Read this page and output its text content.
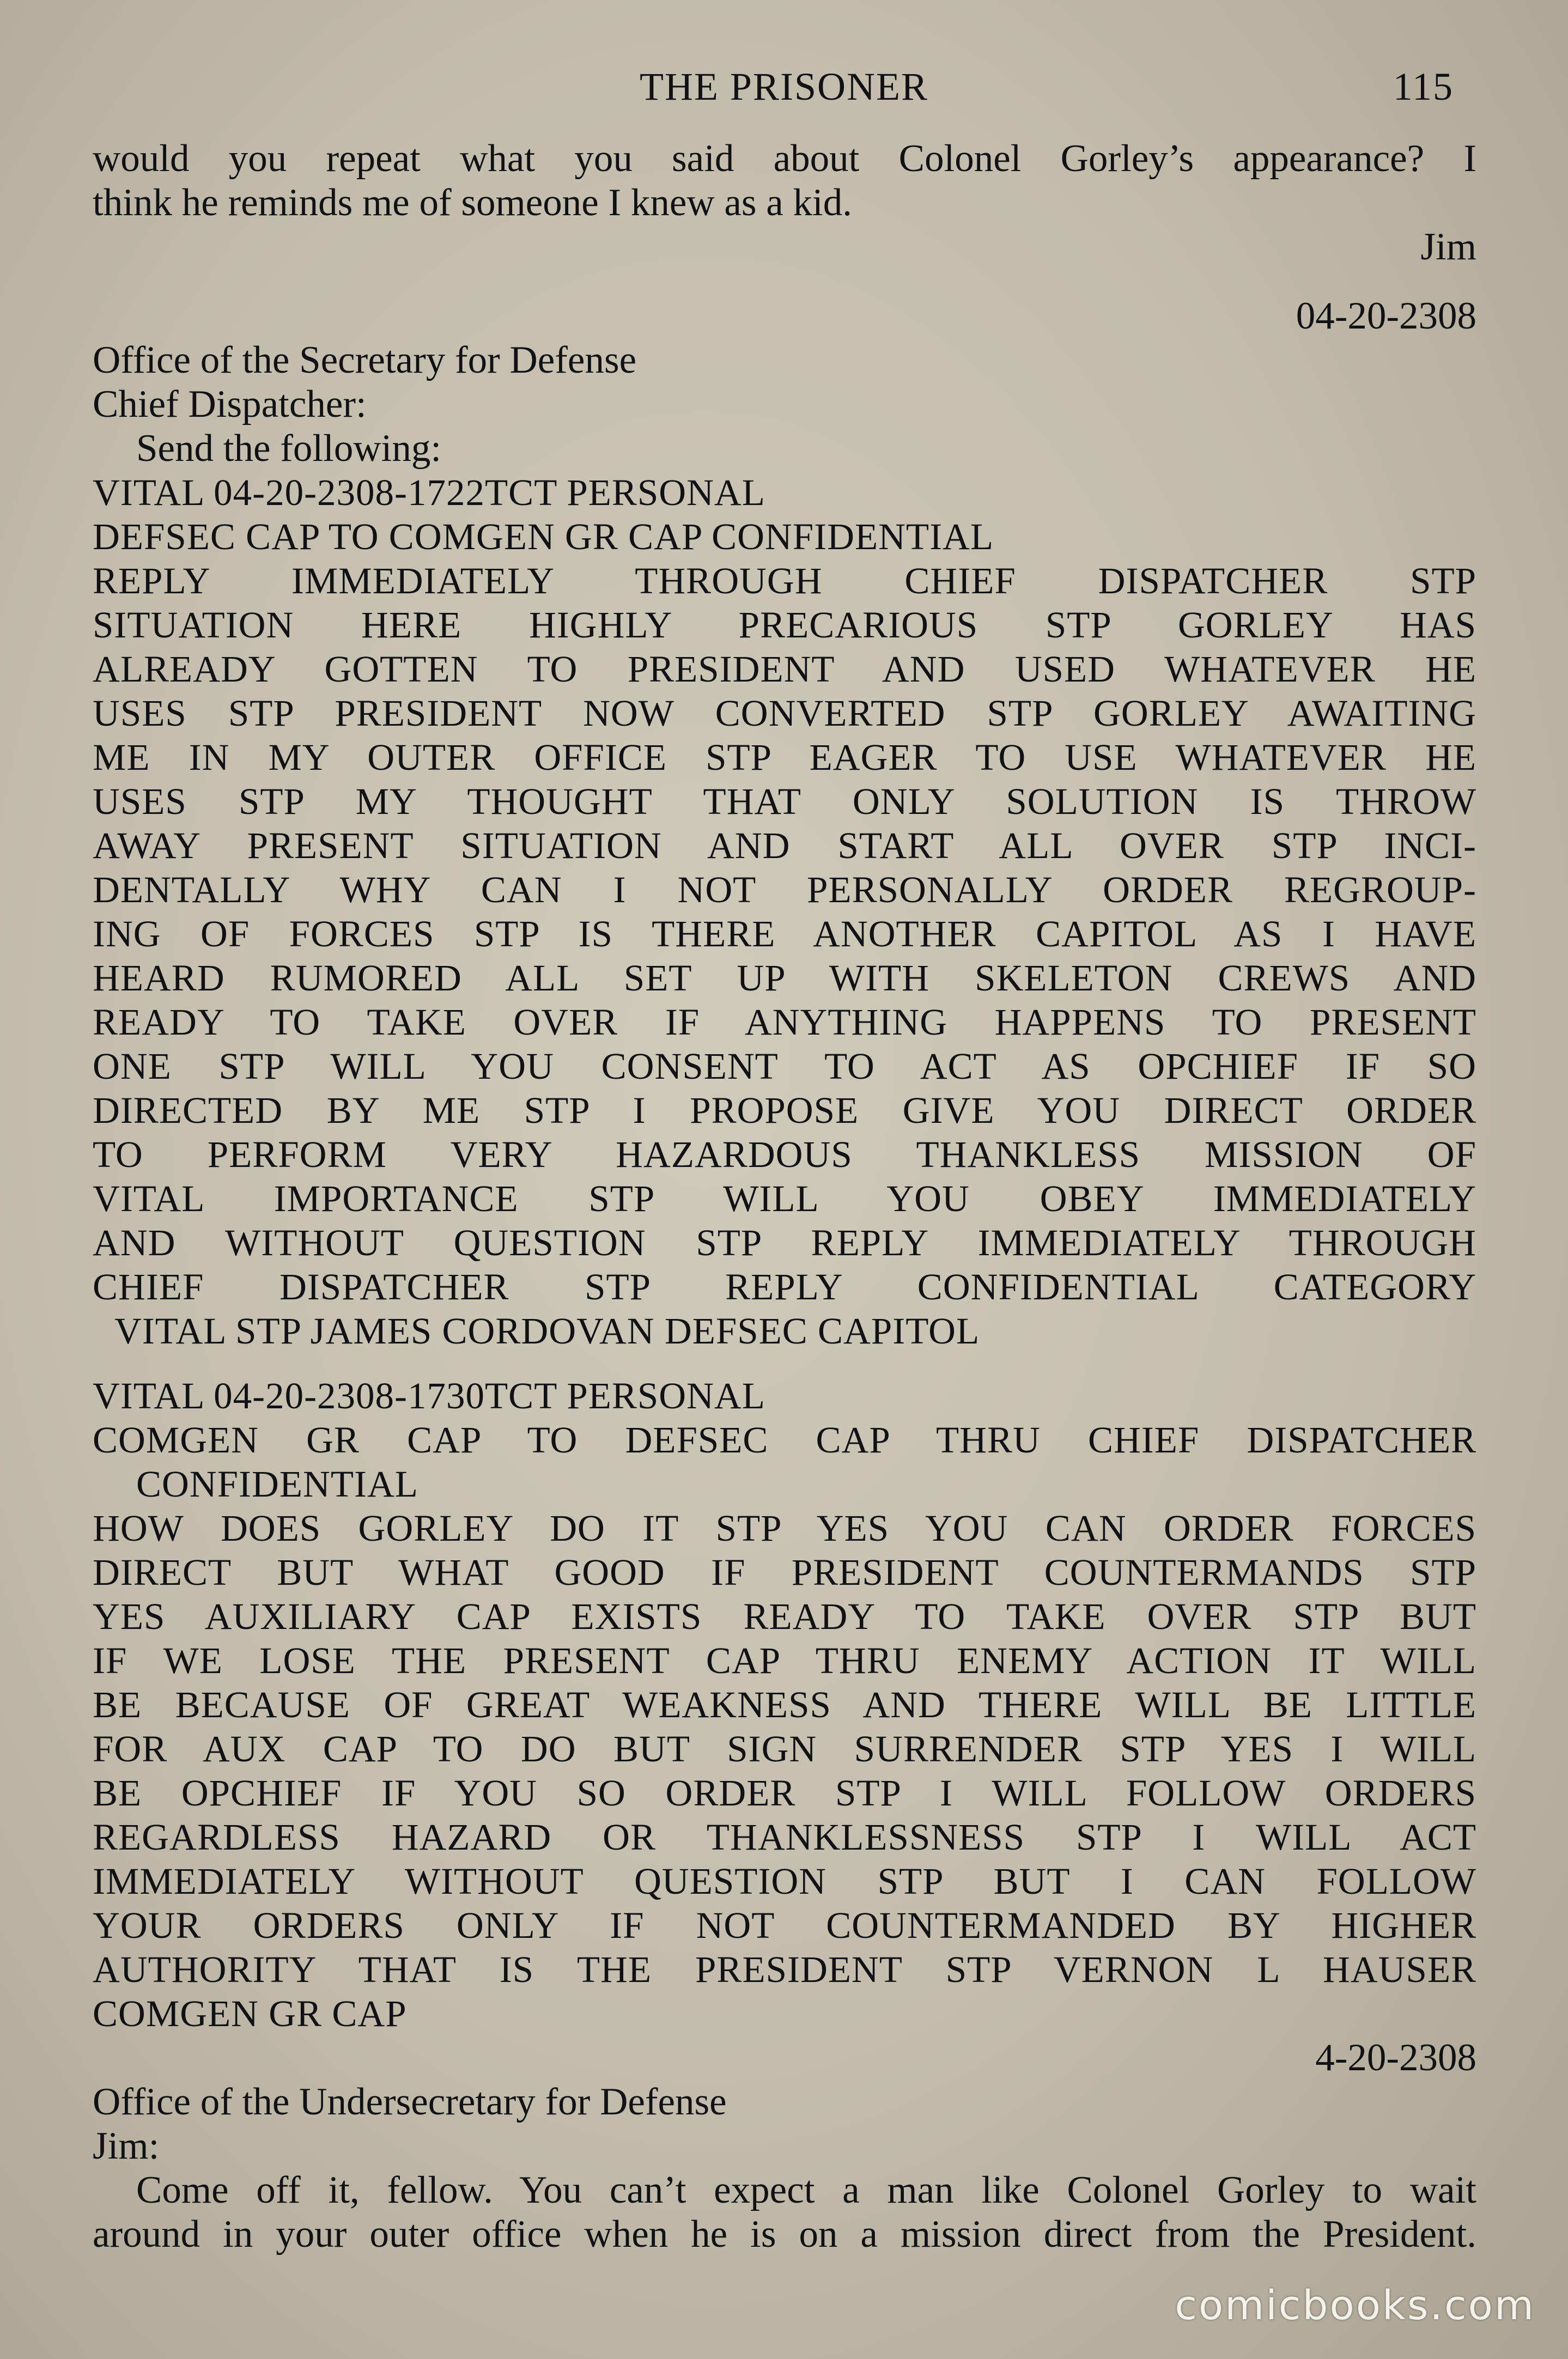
THE PRISONER	115
would you repeat what you said about Colonel Gorley’s appearance? I
think he reminds me of someone I knew as a kid.
Jim
04-20-2308
Office of the Secretary for Defense
Chief Dispatcher:
Send the following:
VITAL 04-20-2308-1722TCT PERSONAL
DEFSEC CAP TO COMGEN GR CAP CONFIDENTIAL
REPLY IMMEDIATELY THROUGH CHIEF DISPATCHER STP
SITUATION HERE HIGHLY PRECARIOUS STP GORLEY HAS
ALREADY GOTTEN TO PRESIDENT AND USED WHATEVER HE
USES STP PRESIDENT NOW CONVERTED STP GORLEY AWAITING
ME IN MY OUTER OFFICE STP EAGER TO USE WHATEVER HE
USES STP MY THOUGHT THAT ONLY SOLUTION IS THROW
AWAY PRESENT SITUATION AND START ALL OVER STP INCI-
DENTALLY WHY CAN I NOT PERSONALLY ORDER REGROUP-
ING OF FORCES STP IS THERE ANOTHER CAPITOL AS I HAVE
HEARD RUMORED ALL SET UP WITH SKELETON CREWS AND
READY TO TAKE OVER IF ANYTHING HAPPENS TO PRESENT
ONE STP WILL YOU CONSENT TO ACT AS OPCHIEF IF SO
DIRECTED BY ME STP I PROPOSE GIVE YOU DIRECT ORDER
TO PERFORM VERY HAZARDOUS THANKLESS MISSION OF
VITAL IMPORTANCE STP WILL YOU OBEY IMMEDIATELY
AND WITHOUT QUESTION STP REPLY IMMEDIATELY THROUGH
CHIEF DISPATCHER STP REPLY CONFIDENTIAL CATEGORY
VITAL STP JAMES CORDOVAN DEFSEC CAPITOL
VITAL 04-20-2308-1730TCT PERSONAL
COMGEN GR CAP TO DEFSEC CAP THRU CHIEF DISPATCHER
CONFIDENTIAL
HOW DOES GORLEY DO IT STP YES YOU CAN ORDER FORCES
DIRECT BUT WHAT GOOD IF PRESIDENT COUNTERMANDS STP
YES AUXILIARY CAP EXISTS READY TO TAKE OVER STP BUT
IF WE LOSE THE PRESENT CAP THRU ENEMY ACTION IT WILL
BE BECAUSE OF GREAT WEAKNESS AND THERE WILL BE LITTLE
FOR AUX CAP TO DO BUT SIGN SURRENDER STP YES I WILL
BE OPCHIEF IF YOU SO ORDER STP I WILL FOLLOW ORDERS
REGARDLESS HAZARD OR THANKLESSNESS STP I WILL ACT
IMMEDIATELY WITHOUT QUESTION STP BUT I CAN FOLLOW
YOUR ORDERS ONLY IF NOT COUNTERMANDED BY HIGHER
AUTHORITY THAT IS THE PRESIDENT STP VERNON L HAUSER
COMGEN GR CAP
4-20-2308
Office of the Undersecretary for Defense
Jim:
Come off it, fellow. You can’t expect a man like Colonel Gorley to wait
around in your outer office when he is on a mission direct from the President.
comicbooks.com
